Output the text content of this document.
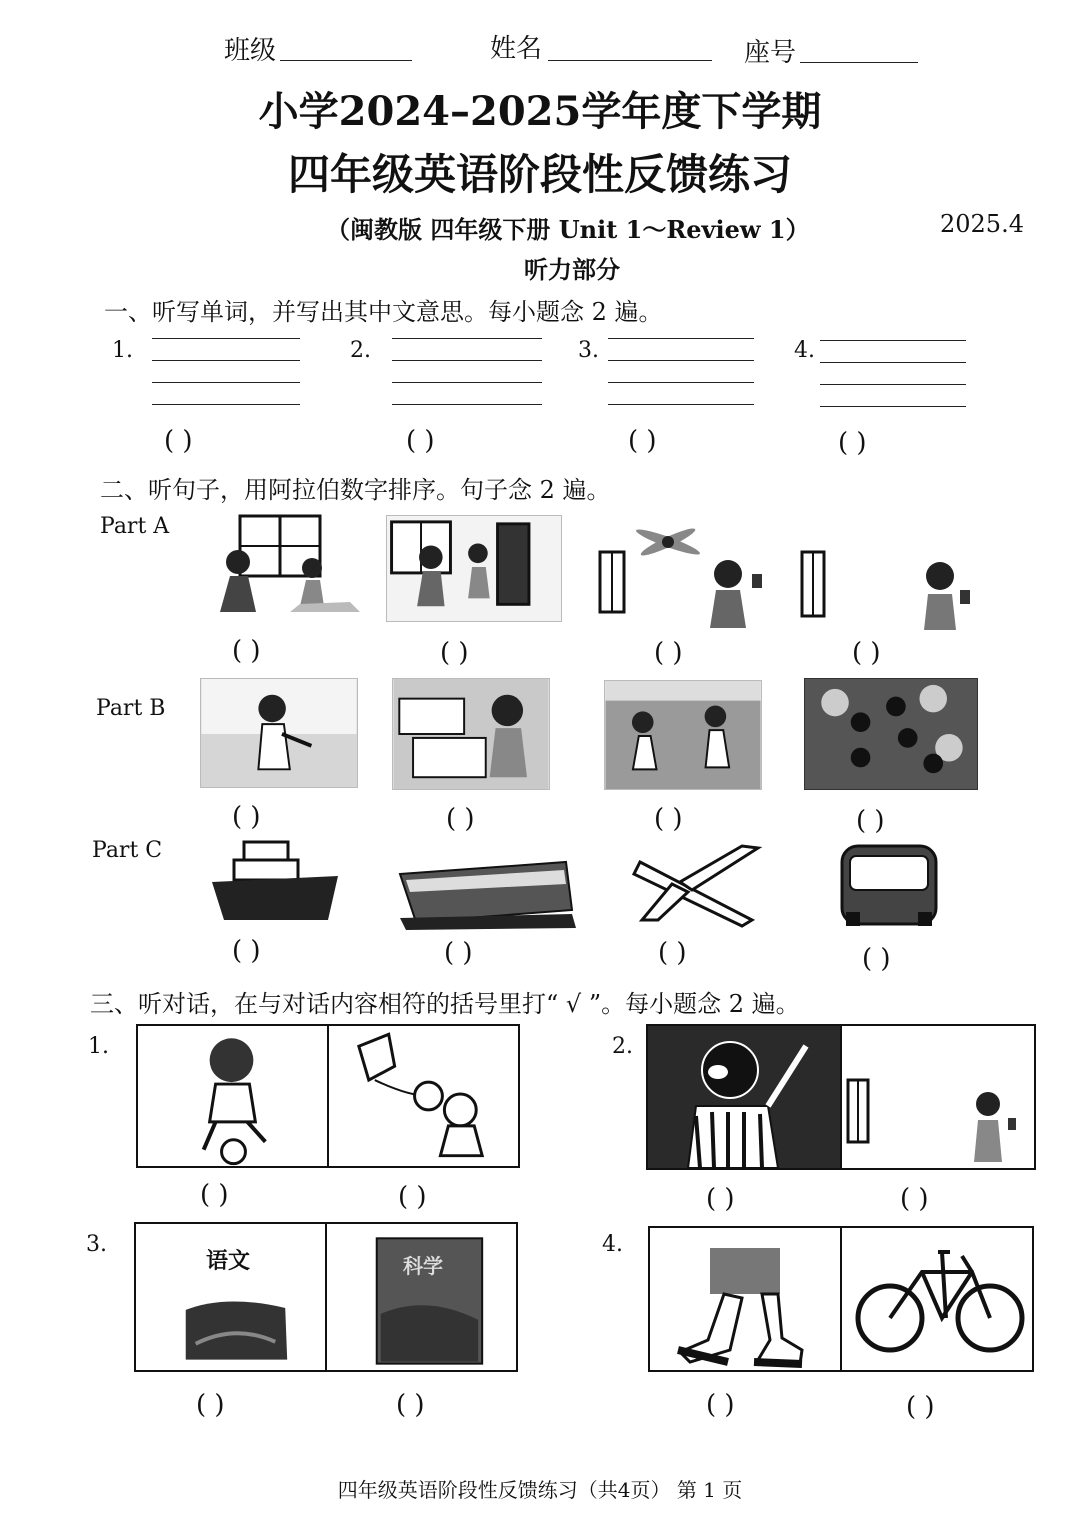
班级	姓名	座号
小学2024–2025学年度下学期
四年级英语阶段性反馈练习
（闽教版 四年级下册 Unit 1～Review 1）	2025.4
听力部分
一、听写单词，并写出其中文意思。每小题念 2 遍。
1.	2.	3.	4.
( )	( )	( )	( )
二、听句子，用阿拉伯数字排序。句子念 2 遍。
Part A
Part B
Part C
( )	( )	( )	( )
( )	( )	( )	( )
( )	( )	( )	( )
三、听对话，在与对话内容相符的括号里打“ √ ”。每小题念 2 遍。
1.	2.
3.	4.
( )	( )	( )	( )
语文	科学
( )	( )	( )	( )
四年级英语阶段性反馈练习（共4页） 第 1 页
